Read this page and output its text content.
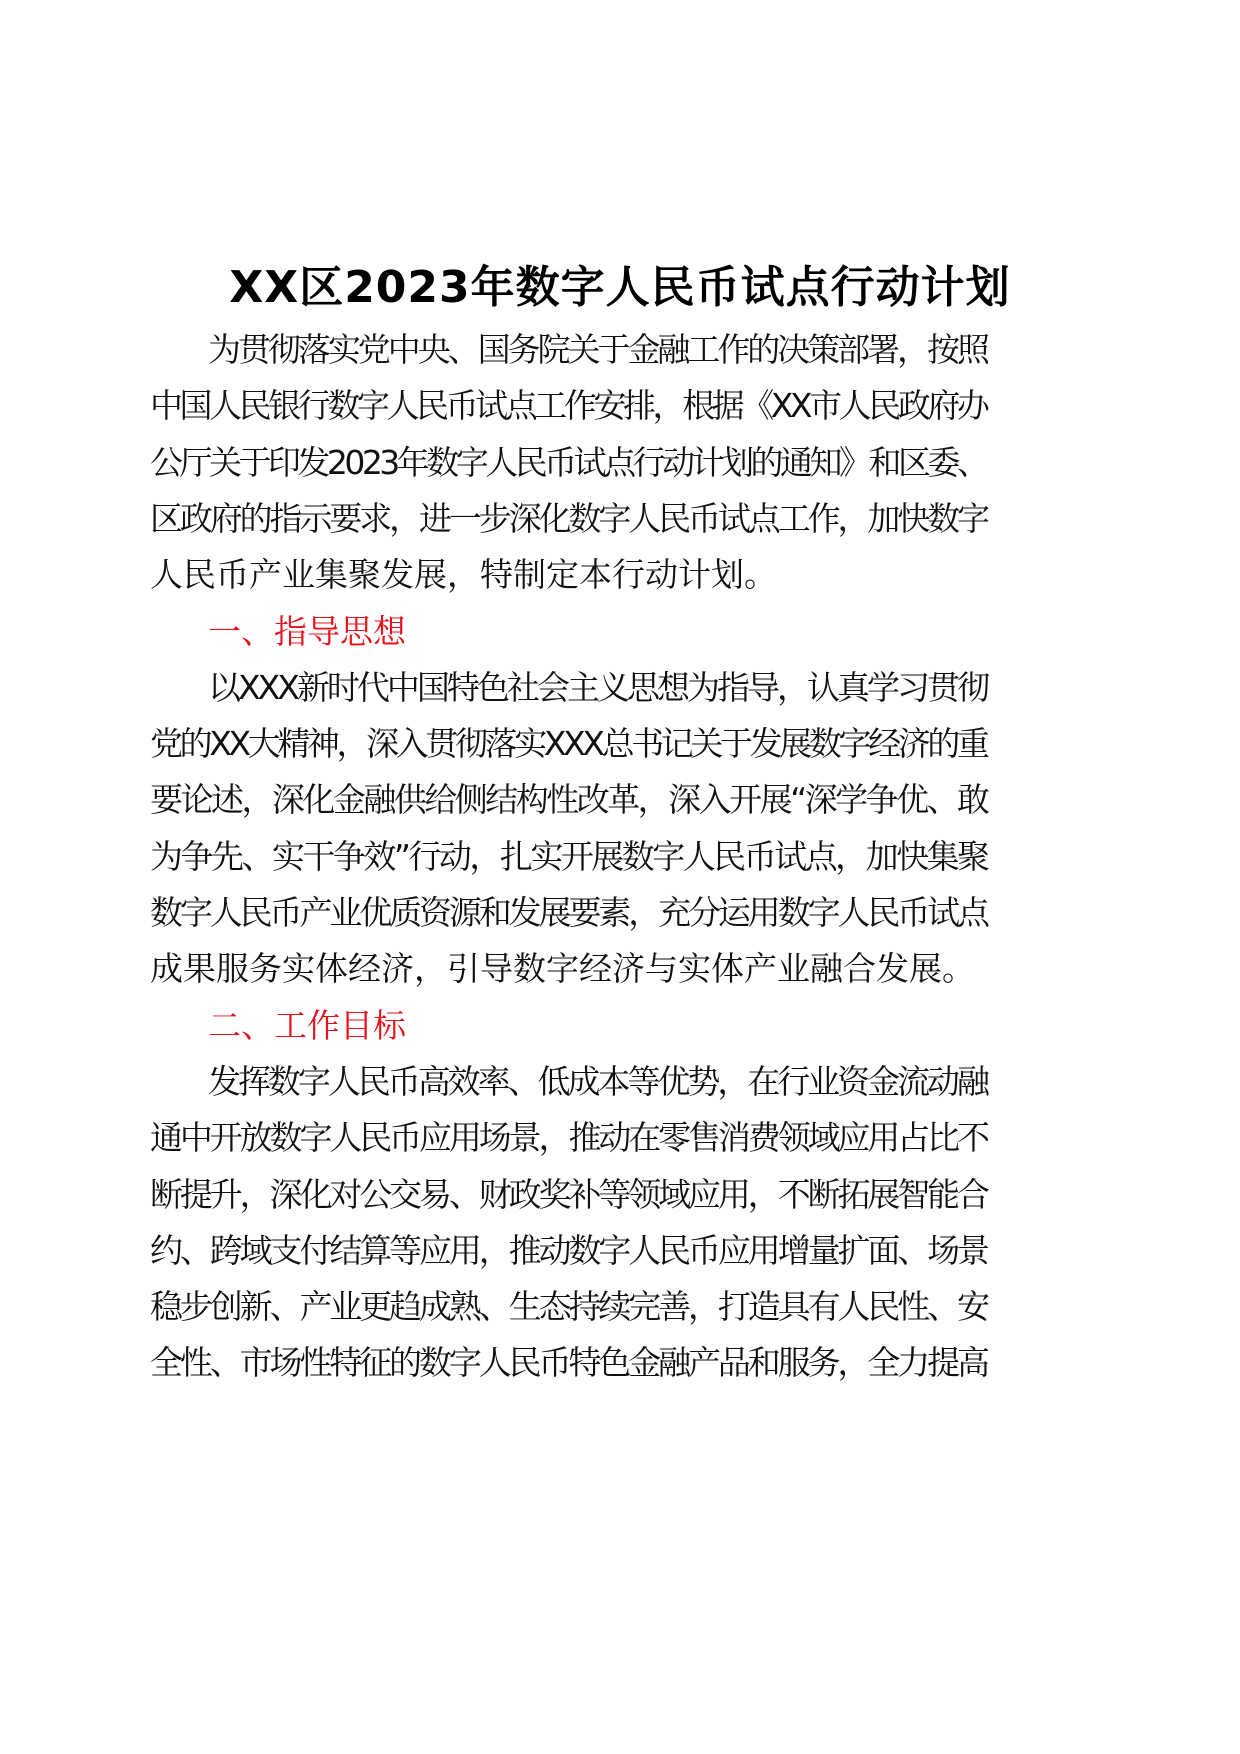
XX区2023年数字人民币试点行动计划
为贯彻落实党中央、国务院关于金融工作的决策部署，按照
中国人民银行数字人民币试点工作安排，根据《XX市人民政府办
公厅关于印发2023年数字人民币试点行动计划的通知》和区委、
区政府的指示要求，进一步深化数字人民币试点工作，加快数字
人民币产业集聚发展，特制定本行动计划。
一、指导思想
以XXX新时代中国特色社会主义思想为指导，认真学习贯彻
党的XX大精神，深入贯彻落实XXX总书记关于发展数字经济的重
要论述，深化金融供给侧结构性改革，深入开展“深学争优、敢
为争先、实干争效”行动，扎实开展数字人民币试点，加快集聚
数字人民币产业优质资源和发展要素，充分运用数字人民币试点
成果服务实体经济，引导数字经济与实体产业融合发展。
二、工作目标
发挥数字人民币高效率、低成本等优势，在行业资金流动融
通中开放数字人民币应用场景，推动在零售消费领域应用占比不
断提升，深化对公交易、财政奖补等领域应用，不断拓展智能合
约、跨域支付结算等应用，推动数字人民币应用增量扩面、场景
稳步创新、产业更趋成熟、生态持续完善，打造具有人民性、安
全性、市场性特征的数字人民币特色金融产品和服务，全力提高
